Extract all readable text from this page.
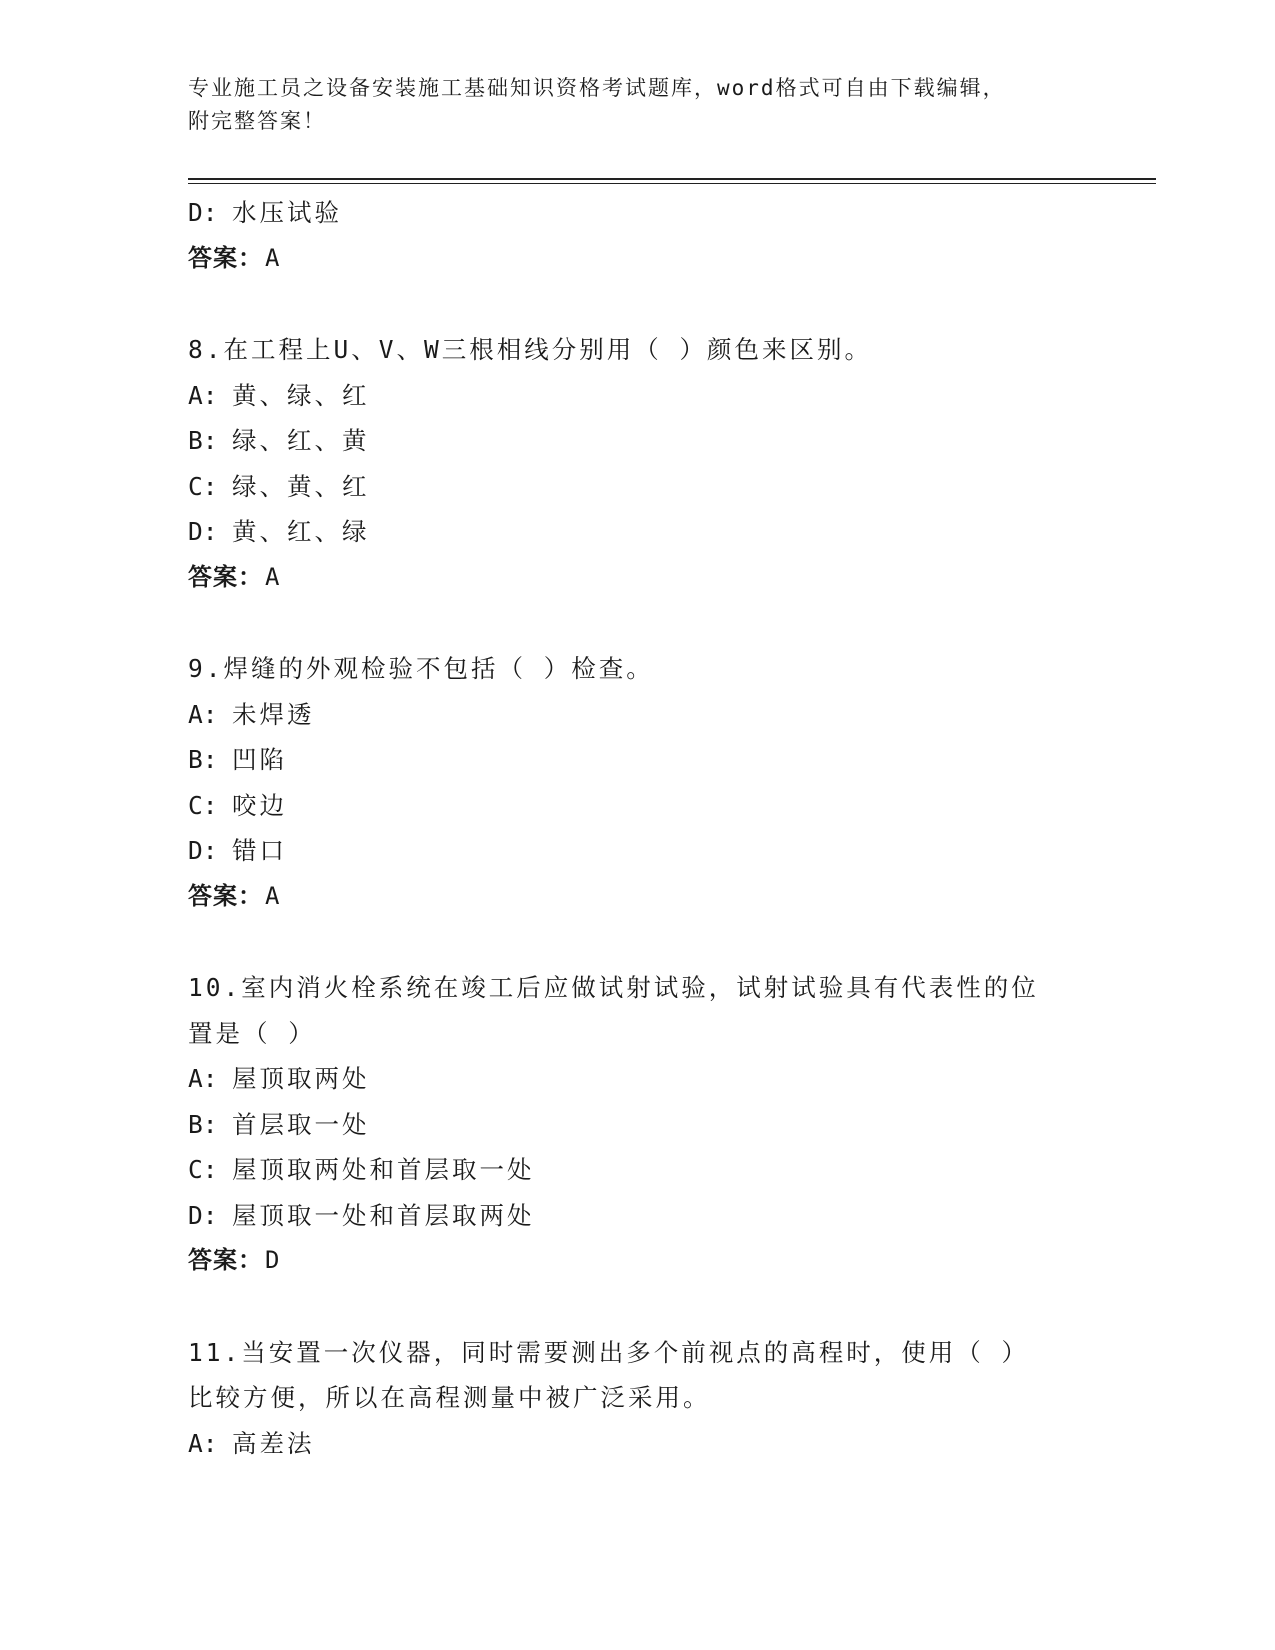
专业施工员之设备安装施工基础知识资格考试题库，word格式可自由下载编辑，
附完整答案！
D: 水压试验
答案：A
8.在工程上U、V、W三根相线分别用（ ）颜色来区别。
A: 黄、绿、红
B: 绿、红、黄
C: 绿、黄、红
D: 黄、红、绿
答案：A
9.焊缝的外观检验不包括（ ）检查。
A: 未焊透
B: 凹陷
C: 咬边
D: 错口
答案：A
10.室内消火栓系统在竣工后应做试射试验，试射试验具有代表性的位
置是（ ）
A: 屋顶取两处
B: 首层取一处
C: 屋顶取两处和首层取一处
D: 屋顶取一处和首层取两处
答案：D
11.当安置一次仪器，同时需要测出多个前视点的高程时，使用（ ）
比较方便，所以在高程测量中被广泛采用。
A: 高差法
